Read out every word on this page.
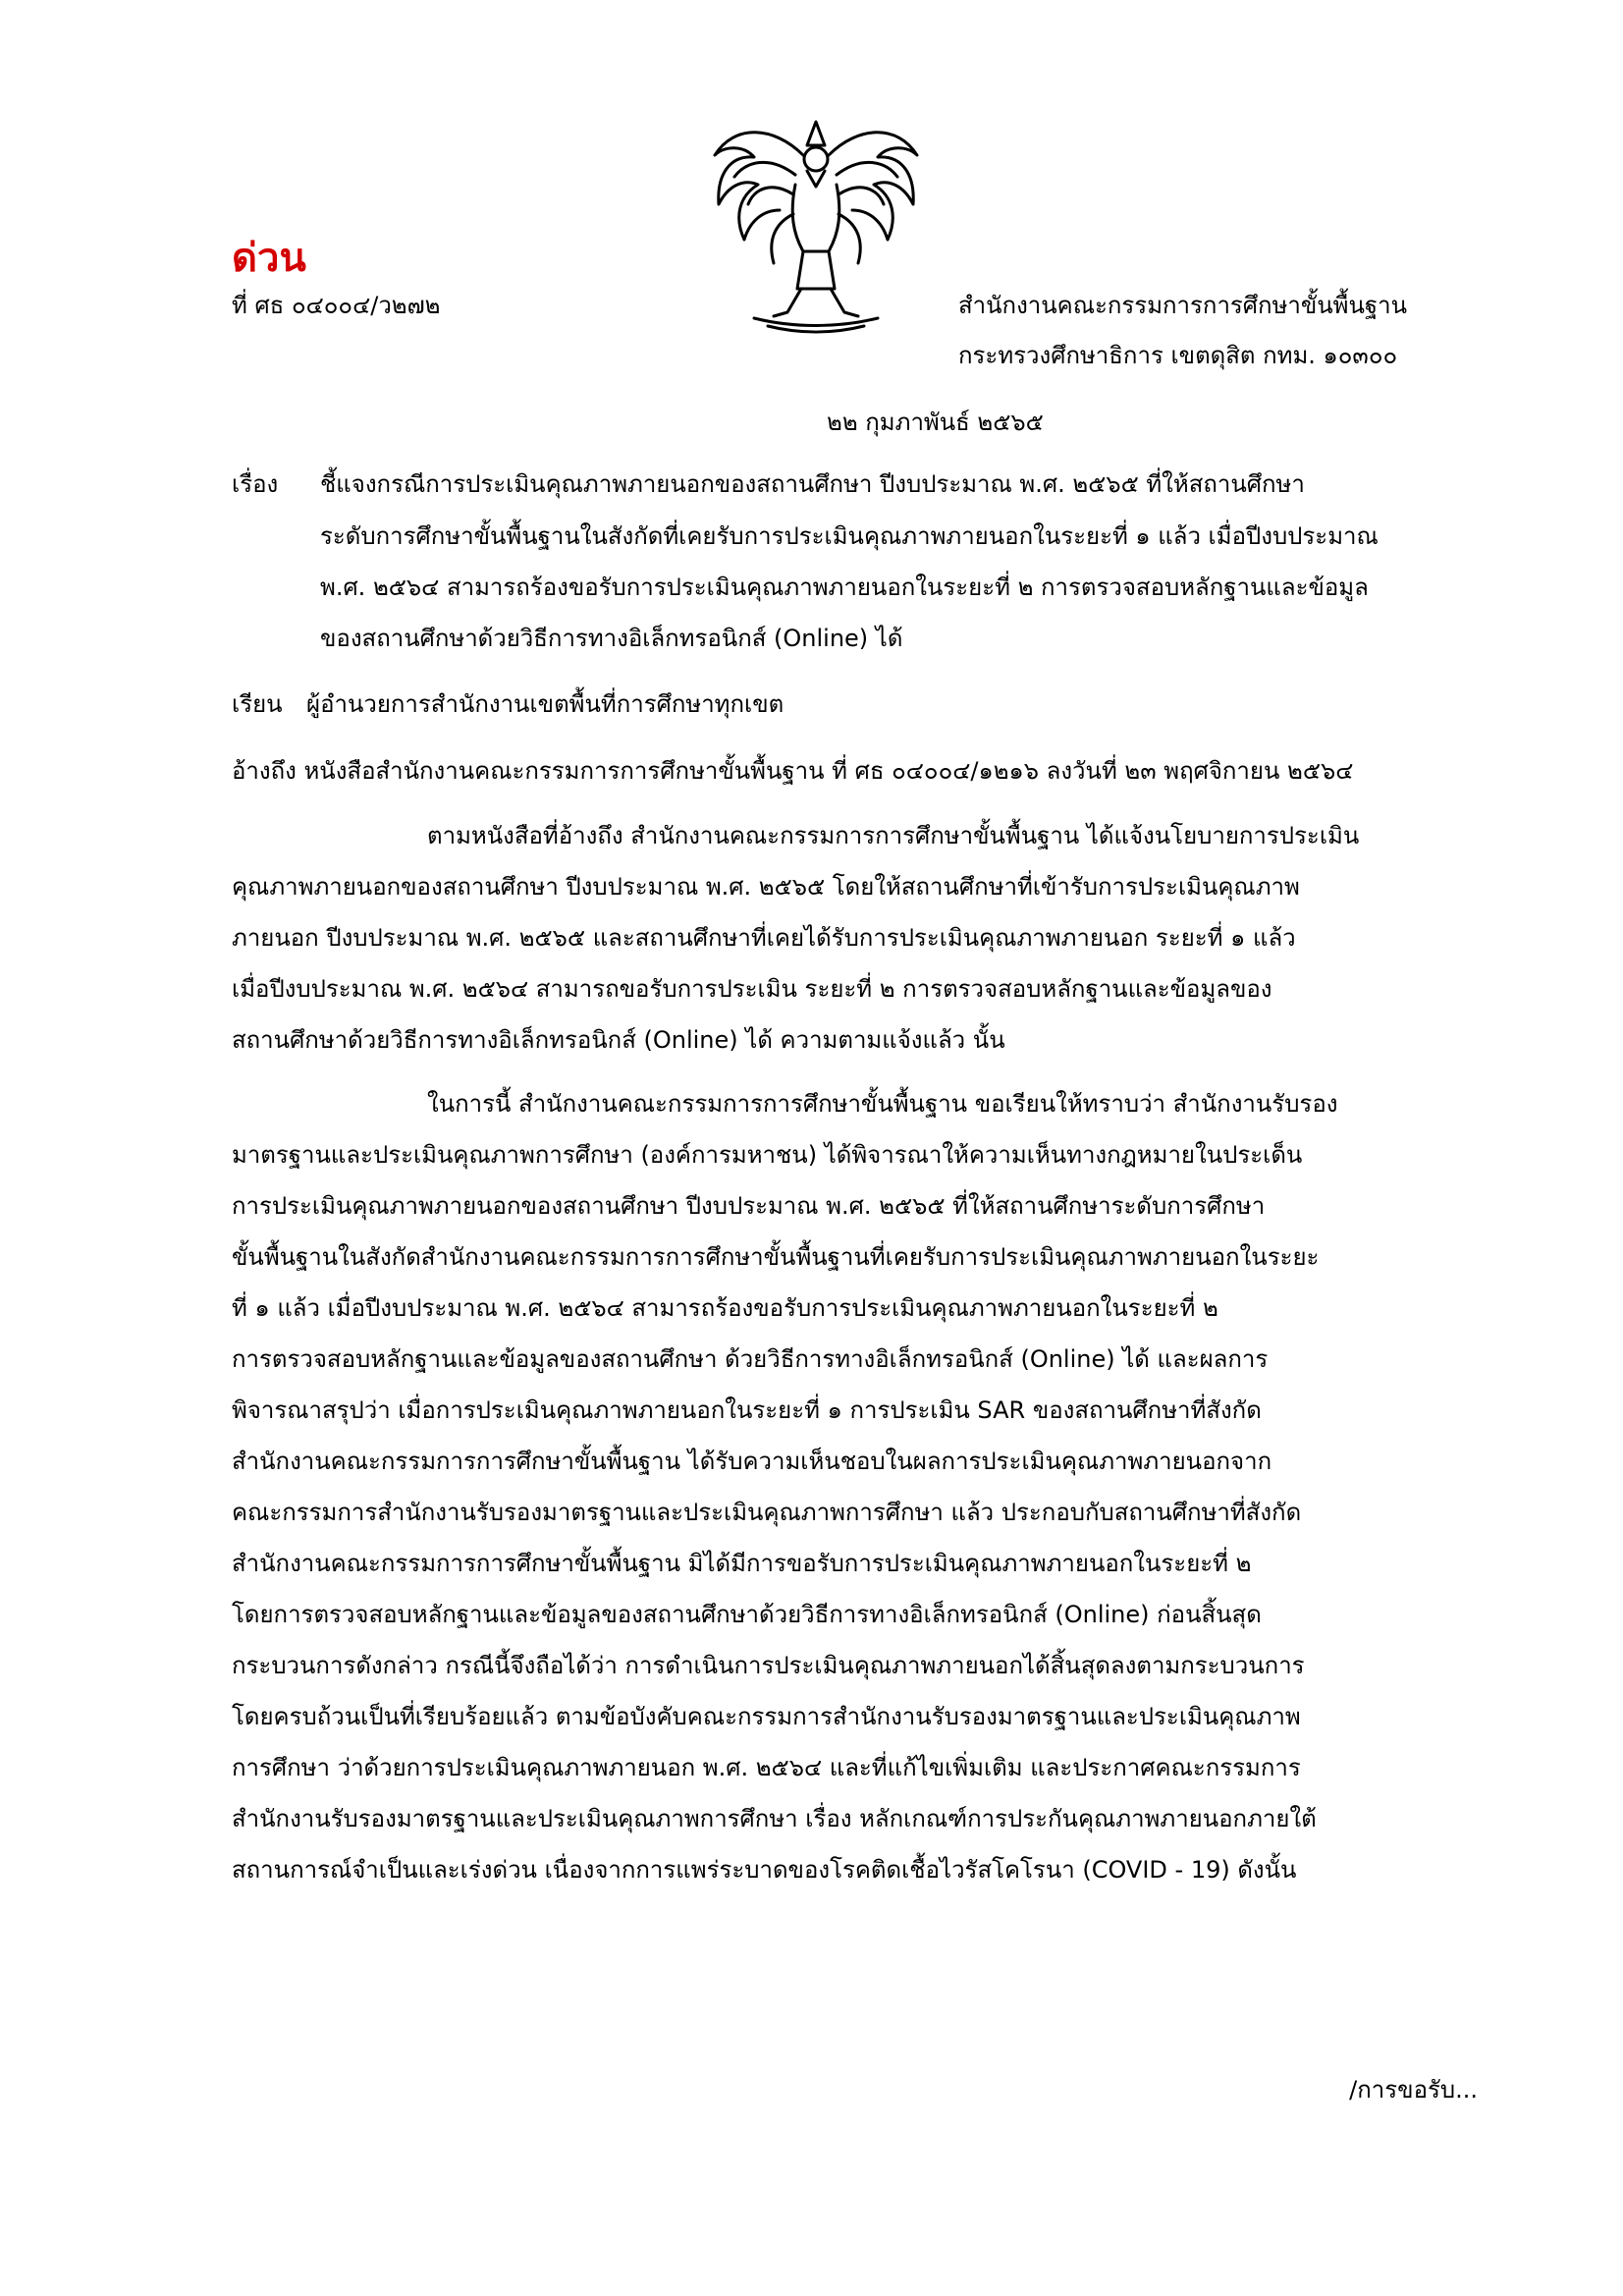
ด่วน
ที่ ศธ ๐๔๐๐๔/ว๒๗๒	สำนักงานคณะกรรมการการศึกษาขั้นพื้นฐาน
กระทรวงศึกษาธิการ เขตดุสิต กทม. ๑๐๓๐๐
๒๒ กุมภาพันธ์ ๒๕๖๕
เรื่อง ชี้แจงกรณีการประเมินคุณภาพภายนอกของสถานศึกษา ปีงบประมาณ พ.ศ. ๒๕๖๕ ที่ให้สถานศึกษา
ระดับการศึกษาขั้นพื้นฐานในสังกัดที่เคยรับการประเมินคุณภาพภายนอกในระยะที่ ๑ แล้ว เมื่อปีงบประมาณ
พ.ศ. ๒๕๖๔ สามารถร้องขอรับการประเมินคุณภาพภายนอกในระยะที่ ๒ การตรวจสอบหลักฐานและข้อมูล
ของสถานศึกษาด้วยวิธีการทางอิเล็กทรอนิกส์ (Online) ได้
เรียน ผู้อำนวยการสำนักงานเขตพื้นที่การศึกษาทุกเขต
อ้างถึง หนังสือสำนักงานคณะกรรมการการศึกษาขั้นพื้นฐาน ที่ ศธ ๐๔๐๐๔/๑๒๑๖ ลงวันที่ ๒๓ พฤศจิกายน ๒๕๖๔
ตามหนังสือที่อ้างถึง สำนักงานคณะกรรมการการศึกษาขั้นพื้นฐาน ได้แจ้งนโยบายการประเมิน
คุณภาพภายนอกของสถานศึกษา ปีงบประมาณ พ.ศ. ๒๕๖๕ โดยให้สถานศึกษาที่เข้ารับการประเมินคุณภาพ
ภายนอก ปีงบประมาณ พ.ศ. ๒๕๖๕ และสถานศึกษาที่เคยได้รับการประเมินคุณภาพภายนอก ระยะที่ ๑ แล้ว
เมื่อปีงบประมาณ พ.ศ. ๒๕๖๔ สามารถขอรับการประเมิน ระยะที่ ๒ การตรวจสอบหลักฐานและข้อมูลของ
สถานศึกษาด้วยวิธีการทางอิเล็กทรอนิกส์ (Online) ได้ ความตามแจ้งแล้ว นั้น
ในการนี้ สำนักงานคณะกรรมการการศึกษาขั้นพื้นฐาน ขอเรียนให้ทราบว่า สำนักงานรับรอง
มาตรฐานและประเมินคุณภาพการศึกษา (องค์การมหาชน) ได้พิจารณาให้ความเห็นทางกฎหมายในประเด็น
การประเมินคุณภาพภายนอกของสถานศึกษา ปีงบประมาณ พ.ศ. ๒๕๖๕ ที่ให้สถานศึกษาระดับการศึกษา
ขั้นพื้นฐานในสังกัดสำนักงานคณะกรรมการการศึกษาขั้นพื้นฐานที่เคยรับการประเมินคุณภาพภายนอกในระยะ
ที่ ๑ แล้ว เมื่อปีงบประมาณ พ.ศ. ๒๕๖๔ สามารถร้องขอรับการประเมินคุณภาพภายนอกในระยะที่ ๒
การตรวจสอบหลักฐานและข้อมูลของสถานศึกษา ด้วยวิธีการทางอิเล็กทรอนิกส์ (Online) ได้ และผลการ
พิจารณาสรุปว่า เมื่อการประเมินคุณภาพภายนอกในระยะที่ ๑ การประเมิน SAR ของสถานศึกษาที่สังกัด
สำนักงานคณะกรรมการการศึกษาขั้นพื้นฐาน ได้รับความเห็นชอบในผลการประเมินคุณภาพภายนอกจาก
คณะกรรมการสำนักงานรับรองมาตรฐานและประเมินคุณภาพการศึกษา แล้ว ประกอบกับสถานศึกษาที่สังกัด
สำนักงานคณะกรรมการการศึกษาขั้นพื้นฐาน มิได้มีการขอรับการประเมินคุณภาพภายนอกในระยะที่ ๒
โดยการตรวจสอบหลักฐานและข้อมูลของสถานศึกษาด้วยวิธีการทางอิเล็กทรอนิกส์ (Online) ก่อนสิ้นสุด
กระบวนการดังกล่าว กรณีนี้จึงถือได้ว่า การดำเนินการประเมินคุณภาพภายนอกได้สิ้นสุดลงตามกระบวนการ
โดยครบถ้วนเป็นที่เรียบร้อยแล้ว ตามข้อบังคับคณะกรรมการสำนักงานรับรองมาตรฐานและประเมินคุณภาพ
การศึกษา ว่าด้วยการประเมินคุณภาพภายนอก พ.ศ. ๒๕๖๔ และที่แก้ไขเพิ่มเติม และประกาศคณะกรรมการ
สำนักงานรับรองมาตรฐานและประเมินคุณภาพการศึกษา เรื่อง หลักเกณฑ์การประกันคุณภาพภายนอกภายใต้
สถานการณ์จำเป็นและเร่งด่วน เนื่องจากการแพร่ระบาดของโรคติดเชื้อไวรัสโคโรนา (COVID - 19) ดังนั้น
/การขอรับ...
